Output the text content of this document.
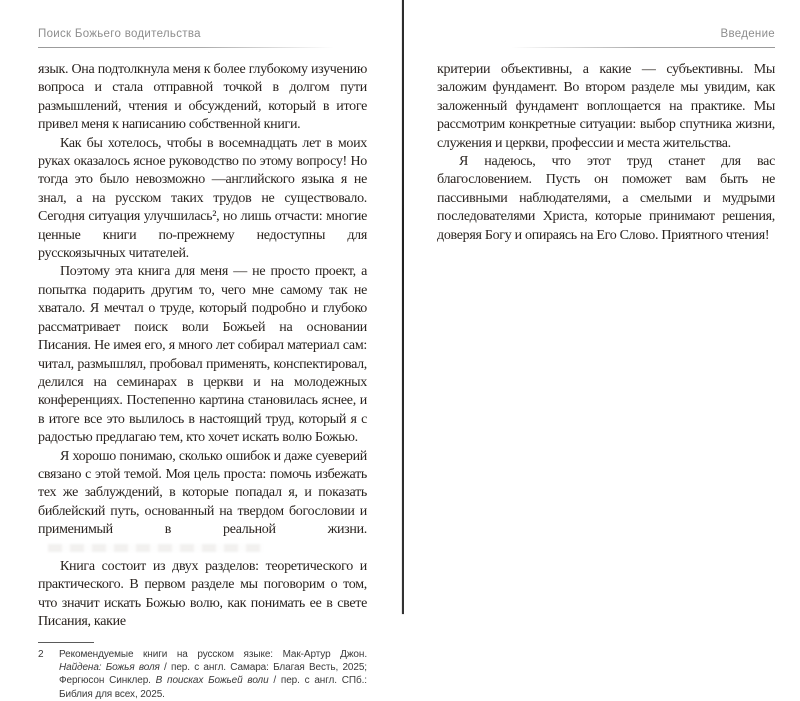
Поиск Божьего водительства

язык. Она подтолкнула меня к более глубокому изучению вопроса и стала отправной точкой в долгом пути размышлений, чтения и обсуждений, который в итоге привел меня к написанию собственной книги.

Как бы хотелось, чтобы в восемнадцать лет в моих руках оказалось ясное руководство по этому вопросу! Но тогда это было невозможно —английского языка я не знал, а на русском таких трудов не существовало. Сегодня ситуация улучшилась², но лишь отчасти: многие ценные книги по-прежнему недоступны для русскоязычных читателей.

Поэтому эта книга для меня — не просто проект, а попытка подарить другим то, чего мне самому так не хватало. Я мечтал о труде, который подробно и глубоко рассматривает поиск воли Божьей на основании Писания. Не имея его, я много лет собирал материал сам: читал, размышлял, пробовал применять, конспектировал, делился на семинарах в церкви и на молодежных конференциях. Постепенно картина становилась яснее, и в итоге все это вылилось в настоящий труд, который я с радостью предлагаю тем, кто хочет искать волю Божью.

Я хорошо понимаю, сколько ошибок и даже суеверий связано с этой темой. Моя цель проста: помочь избежать тех же заблуждений, в которые попадал я, и показать библейский путь, основанный на твердом богословии и применимый в реальной жизни.

Книга состоит из двух разделов: теоретического и практического. В первом разделе мы поговорим о том, что значит искать Божью волю, как понимать ее в свете Писания, какие

2	Рекомендуемые книги на русском языке: Мак-Артур Джон. Найдена: Божья воля / пер. с англ. Самара: Благая Весть, 2025; Фергюсон Синклер. В поисках Божьей воли / пер. с англ. СПб.: Библия для всех, 2025.
Введение

критерии объективны, а какие — субъективны. Мы заложим фундамент. Во втором разделе мы увидим, как заложенный фундамент воплощается на практике. Мы рассмотрим конкретные ситуации: выбор спутника жизни, служения и церкви, профессии и места жительства.

Я надеюсь, что этот труд станет для вас благословением. Пусть он поможет вам быть не пассивными наблюдателями, а смелыми и мудрыми последователями Христа, которые принимают решения, доверяя Богу и опираясь на Его Слово. Приятного чтения!
